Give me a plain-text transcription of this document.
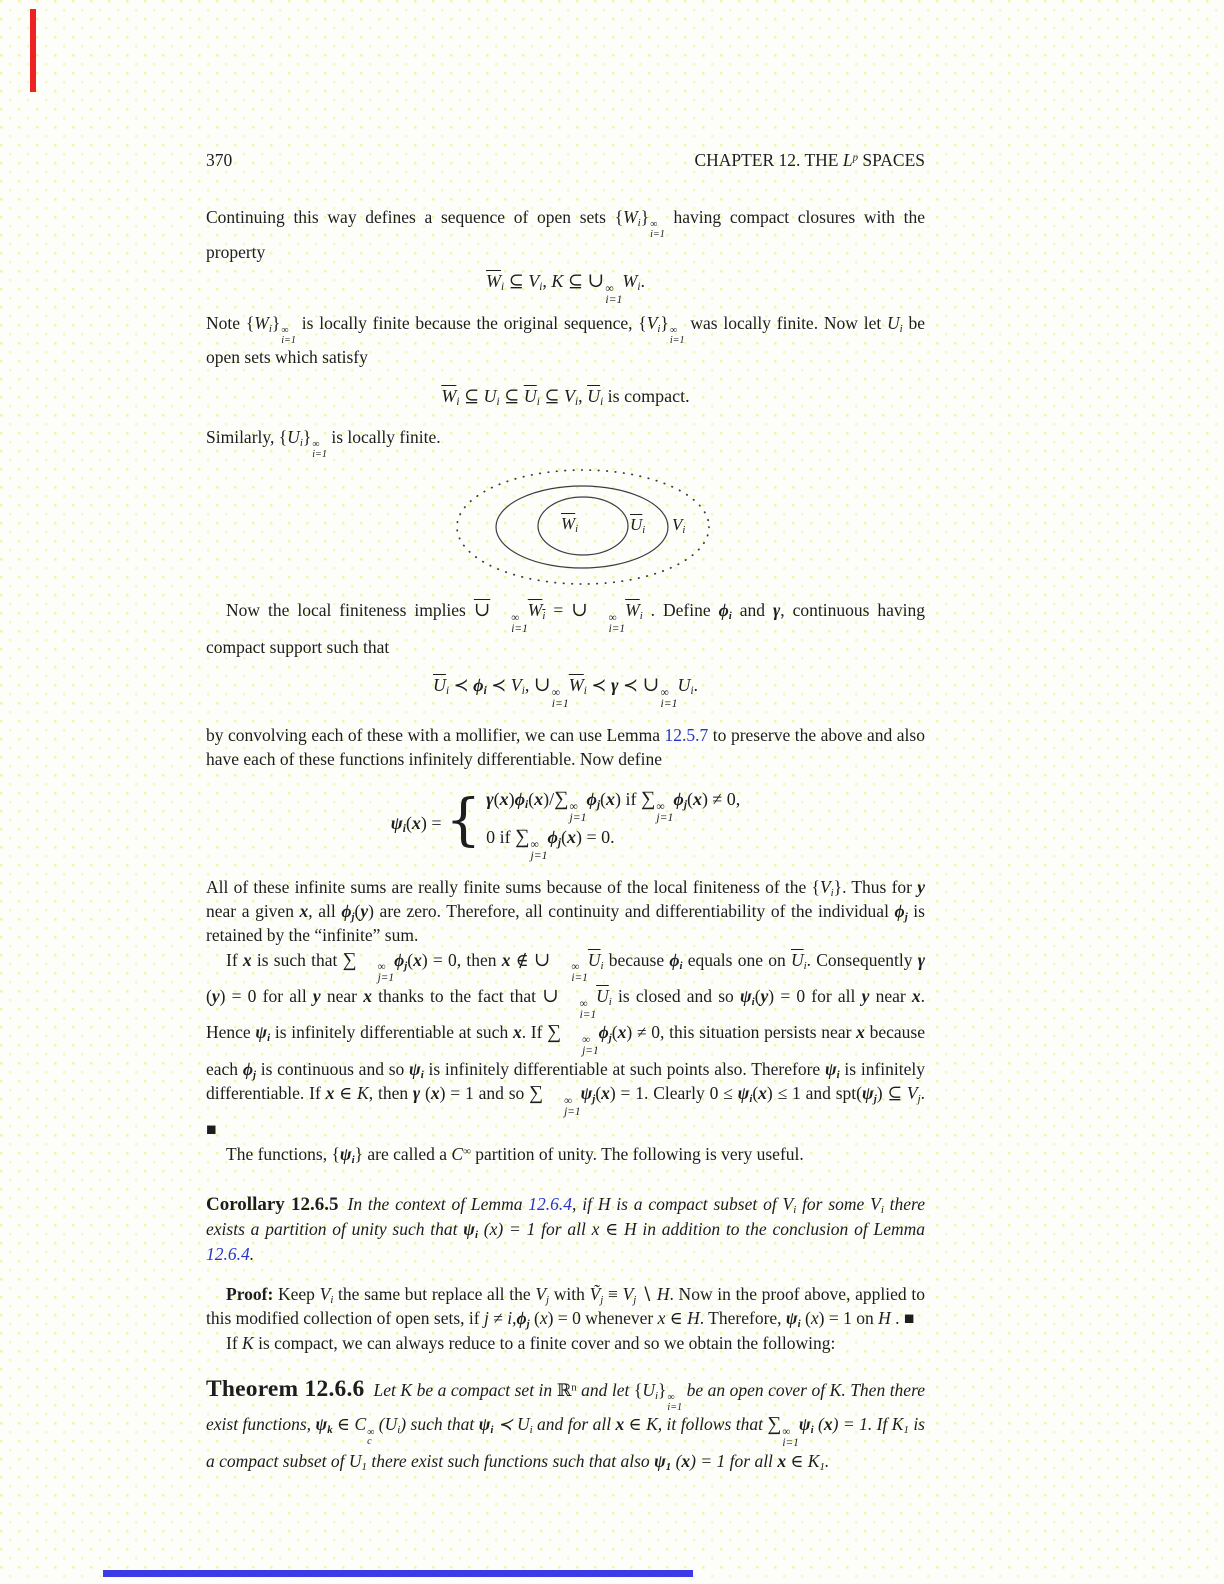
370	CHAPTER 12. THE $L^p$ SPACES

Continuing this way defines a sequence of open sets $\{W_i\}$ ∞
i=1
having compact closures with the property

$\overline{W}_i$ ⊆ $V_i$, K ⊆ ∪ ∞
i=1
$W_i$.

Note $\{W_i\}$ ∞
i=1
is locally finite because the original sequence, $\{V_i\}$ ∞
i=1
was locally finite. Now let $U_i$ be open sets which satisfy

$\overline{W}_i$ ⊆ $U_i$ ⊆ $\overline{U}_i$ ⊆ $V_i$, $\overline{U}_i$ is compact.

Similarly, $\{U_i\}$ ∞
i=1
is locally finite.

$\overline{W}_i$	$\overline{U}_i$ $V_i$

Now the local finiteness implies ∪	∞
i=1
$W_i$ = ∪	∞
i=1
$\overline{W}_i$ . Define $\phi_i$ and γ, continuous having compact support such that

$\overline{U}_i$ ≺ $\phi_i$ ≺ $V_i$, ∪ ∞
i=1
$\overline{W}_i$ ≺ γ ≺ ∪ ∞
i=1
$U_i$.

by convolving each of these with a mollifier, we can use Lemma 12.5.7 to preserve the above and also have each of these functions infinitely differentiable. Now define

$\psi_i(x)$ = { $\gamma(x)\phi_i(x)/\sum$ ∞
j=1
$\phi_j(x)$ if ∑ ∞
j=1
$\phi_j(x) \ne 0$,
0 if ∑ ∞
j=1
$\phi_j(x) = 0$.

All of these infinite sums are really finite sums because of the local finiteness of the $\{V_i\}$. Thus for y near a given x, all $\phi_j(y)$ are zero. Therefore, all continuity and differentiability of the individual $\phi_j$ is retained by the “infinite” sum.

If x is such that ∑	∞
j=1
$\phi_j(x) = 0$, then x ∉ ∪	∞
i=1
$\overline{U}_i$ because $\phi_i$ equals one on $\overline{U}_i$. Consequently γ (y) = 0 for all y near x thanks to the fact that ∪	∞
i=1
$\overline{U}_i$ is closed and so $\psi_i(y) = 0$ for all y near x. Hence $\psi_i$ is infinitely differentiable at such x. If ∑	∞
j=1
$\phi_j(x) \ne 0$, this situation persists near x because each $\phi_j$ is continuous and so $\psi_i$ is infinitely differentiable at such points also. Therefore $\psi_i$ is infinitely differentiable. If x ∈ K, then γ (x) = 1 and so ∑	∞
j=1
$\psi_j(x) = 1$. Clearly $0 \le \psi_i(x) \le 1$ and $spt(\psi_j)$ ⊆ $V_j$. ■

The functions, $\{\psi_i\}$ are called a C∞ partition of unity. The following is very useful.

Corollary 12.6.5 In the context of Lemma 12.6.4, if H is a compact subset of $V_i$ for some $V_i$ there exists a partition of unity such that $\psi_i$ (x) = 1 for all x ∈ H in addition to the conclusion of Lemma 12.6.4.

Proof: Keep $V_i$ the same but replace all the $V_j$ with Ṽ$_j$ ≡ $V_j$ ∖ H. Now in the proof above, applied to this modified collection of open sets, if $j \ne i,\phi_j$ (x) = 0 whenever x ∈ H. Therefore, $\psi_i$ (x) = 1 on H . ■

If K is compact, we can always reduce to a finite cover and so we obtain the following:

Theorem 12.6.6 Let K be a compact set in ℝ$^n$ and let $\{U_i\}$ ∞
i=1
be an open cover of K. Then there exist functions, $\psi_k$ ∈ C ∞
c
$(U_i)$ such that $\psi_i$ ≺ $U_i$ and for all x ∈ K, it follows that ∑ ∞
i=1
$\psi_i$ (x) = 1. If $K_1$ is a compact subset of $U_1$ there exist such functions such that also $\psi_1$ (x) = 1 for all x ∈ $K_1$.
